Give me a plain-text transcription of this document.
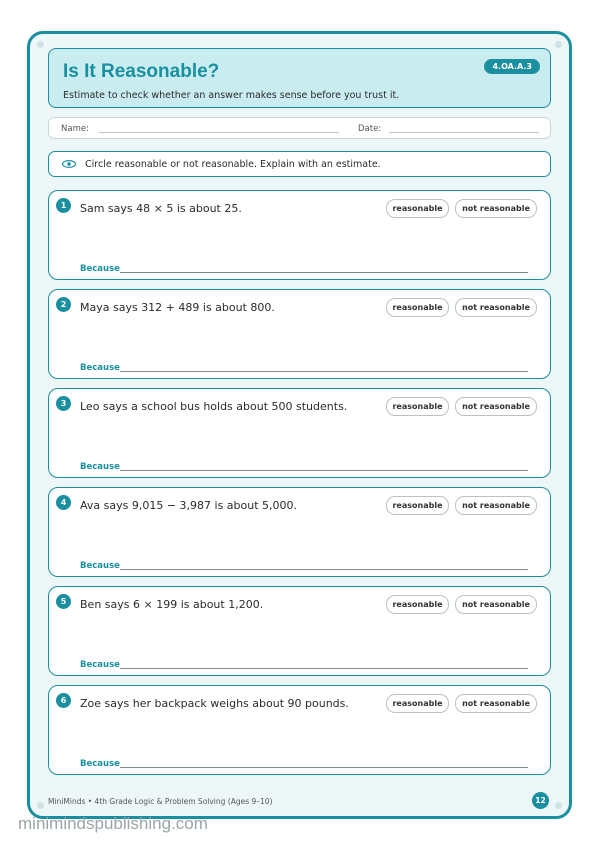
Is It Reasonable?
Estimate to check whether an answer makes sense before you trust it.
4.OA.A.3
Name:	Date:
Circle reasonable or not reasonable. Explain with an estimate.
1	Sam says 48 × 5 is about 25.	reasonable	not reasonable
Because
2	Maya says 312 + 489 is about 800.	reasonable	not reasonable
Because
3	Leo says a school bus holds about 500 students.	reasonable	not reasonable
Because
4	Ava says 9,015 − 3,987 is about 5,000.	reasonable	not reasonable
Because
5	Ben says 6 × 199 is about 1,200.	reasonable	not reasonable
Because
6	Zoe says her backpack weighs about 90 pounds.	reasonable	not reasonable
Because
MiniMinds • 4th Grade Logic & Problem Solving (Ages 9–10)	12
minimindspublishing.com
